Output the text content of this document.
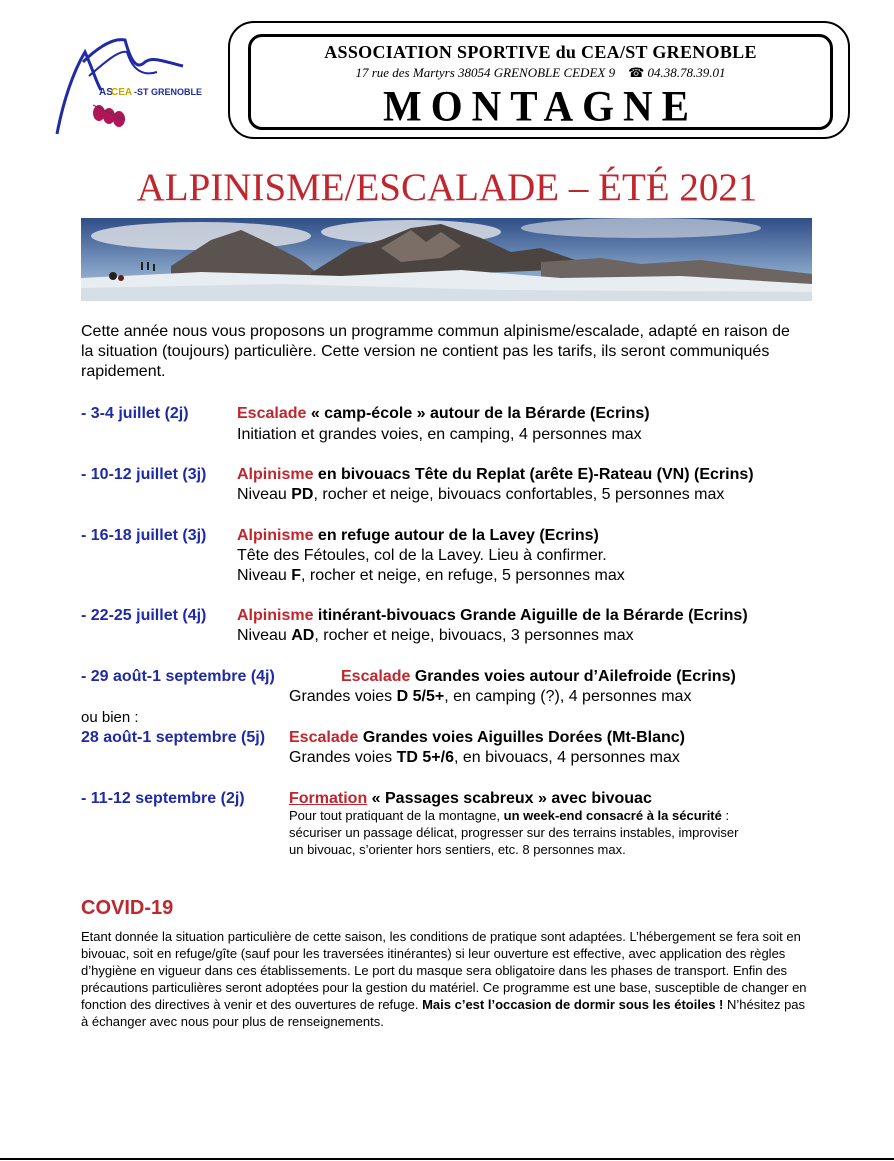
AS
CEA -ST GRENOBLE
ASSOCIATION SPORTIVE du CEA/ST GRENOBLE
17 rue des Martyrs 38054 GRENOBLE CEDEX 9 ☎ 04.38.78.39.01
MONTAGNE
ALPINISME/ESCALADE – ÉTÉ 2021
Cette année nous vous proposons un programme commun alpinisme/escalade, adapté en raison de la situation (toujours) particulière. Cette version ne contient pas les tarifs, ils seront communiqués rapidement.
- 3-4 juillet (2j)	Escalade « camp-école » autour de la Bérarde (Ecrins)
Initiation et grandes voies, en camping, 4 personnes max
- 10-12 juillet (3j) Alpinisme en bivouacs Tête du Replat (arête E)-Rateau (VN) (Ecrins)
Niveau PD, rocher et neige, bivouacs confortables, 5 personnes max
- 16-18 juillet (3j) Alpinisme en refuge autour de la Lavey (Ecrins)
Tête des Fétoules, col de la Lavey. Lieu à confirmer.
Niveau F, rocher et neige, en refuge, 5 personnes max
- 22-25 juillet (4j) Alpinisme itinérant-bivouacs Grande Aiguille de la Bérarde (Ecrins)
Niveau AD, rocher et neige, bivouacs, 3 personnes max
- 29 août-1 septembre (4j)	Escalade Grandes voies autour d’Ailefroide (Ecrins)
Grandes voies D 5/5+, en camping (?), 4 personnes max
ou bien :
28 août-1 septembre (5j) Escalade Grandes voies Aiguilles Dorées (Mt-Blanc)
Grandes voies TD 5+/6, en bivouacs, 4 personnes max
- 11-12 septembre (2j)	Formation « Passages scabreux » avec bivouac
Pour tout pratiquant de la montagne, un week-end consacré à la sécurité :
sécuriser un passage délicat, progresser sur des terrains instables, improviser
un bivouac, s’orienter hors sentiers, etc. 8 personnes max.
COVID-19
Etant donnée la situation particulière de cette saison, les conditions de pratique sont adaptées. L’hébergement se fera soit en bivouac, soit en refuge/gîte (sauf pour les traversées itinérantes) si leur ouverture est effective, avec application des règles d’hygiène en vigueur dans ces établissements. Le port du masque sera obligatoire dans les phases de transport. Enfin des précautions particulières seront adoptées pour la gestion du matériel. Ce programme est une base, susceptible de changer en fonction des directives à venir et des ouvertures de refuge. Mais c’est l’occasion de dormir sous les étoiles ! N’hésitez pas à échanger avec nous pour plus de renseignements.
